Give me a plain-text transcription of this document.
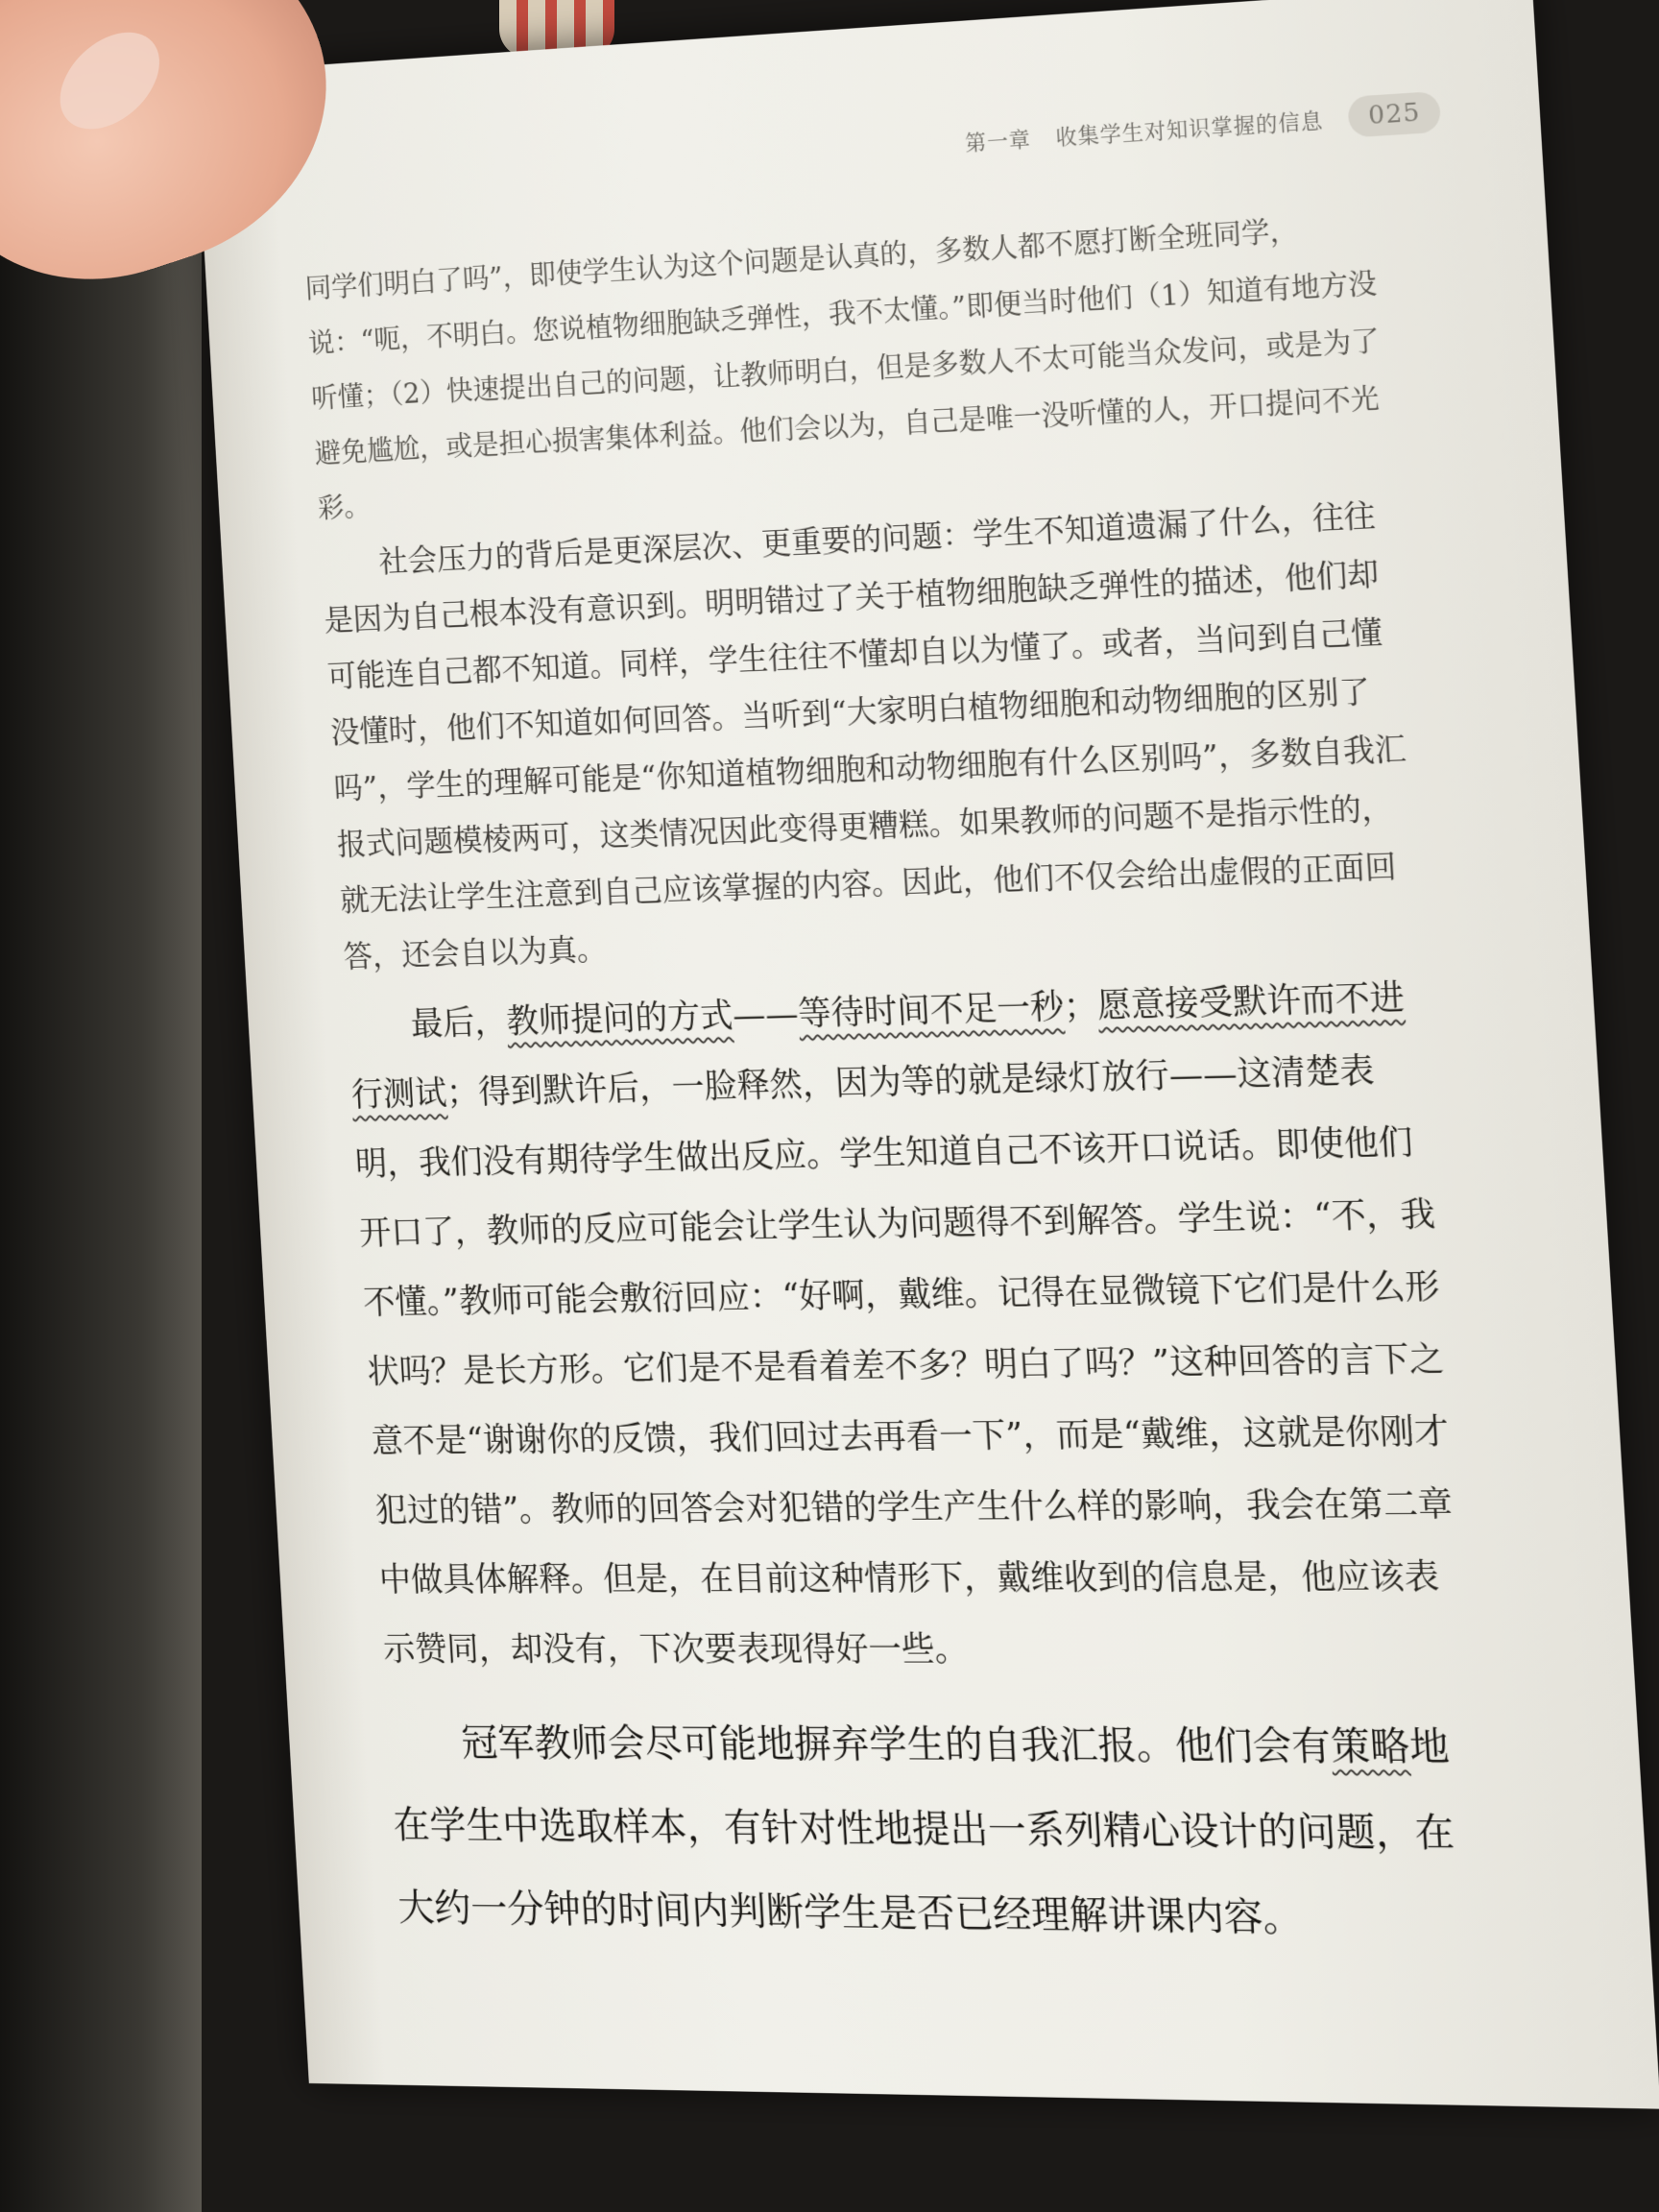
第一章 收集学生对知识掌握的信息	025

同学们明白了吗”，即使学生认为这个问题是认真的，多数人都不愿打断全班同学，说：“呃，不明白。您说植物细胞缺乏弹性，我不太懂。”即便当时他们（1）知道有地方没听懂；（2）快速提出自己的问题，让教师明白，但是多数人不太可能当众发问，或是为了避免尴尬，或是担心损害集体利益。他们会以为，自己是唯一没听懂的人，开口提问不光彩。 社会压力的背后是更深层次、更重要的问题：学生不知道遗漏了什么，往往是因为自己根本没有意识到。明明错过了关于植物细胞缺乏弹性的描述，他们却可能连自己都不知道。同样，学生往往不懂却自以为懂了。或者，当问到自己懂没懂时，他们不知道如何回答。当听到“大家明白植物细胞和动物细胞的区别了吗”，学生的理解可能是“你知道植物细胞和动物细胞有什么区别吗”，多数自我汇报式问题模棱两可，这类情况因此变得更糟糕。如果教师的问题不是指示性的，就无法让学生注意到自己应该掌握的内容。因此，他们不仅会给出虚假的正面回答，还会自以为真。

最后，教师提问的方式——等待时间不足一秒；愿意接受默许而不进行测试；得到默许后，一脸释然，因为等的就是绿灯放行——这清楚表明，我们没有期待学生做出反应。学生知道自己不该开口说话。即使他们开口了，教师的反应可能会让学生认为问题得不到解答。学生说：“不，我不懂。”教师可能会敷衍回应：“好啊，戴维。记得在显微镜下它们是什么形状吗？是长方形。它们是不是看着差不多？明白了吗？”这种回答的言下之意不是“谢谢你的反馈，我们回过去再看一下”，而是“戴维，这就是你刚才犯过的错”。教师的回答会对犯错的学生产生什么样的影响，我会在第二章中做具体解释。但是，在目前这种情形下，戴维收到的信息是，他应该表示赞同，却没有，下次要表现得好一些。

冠军教师会尽可能地摒弃学生的自我汇报。他们会有策略地在学生中选取样本，有针对性地提出一系列精心设计的问题，在大约一分钟的时间内判断学生是否已经理解讲课内容。
